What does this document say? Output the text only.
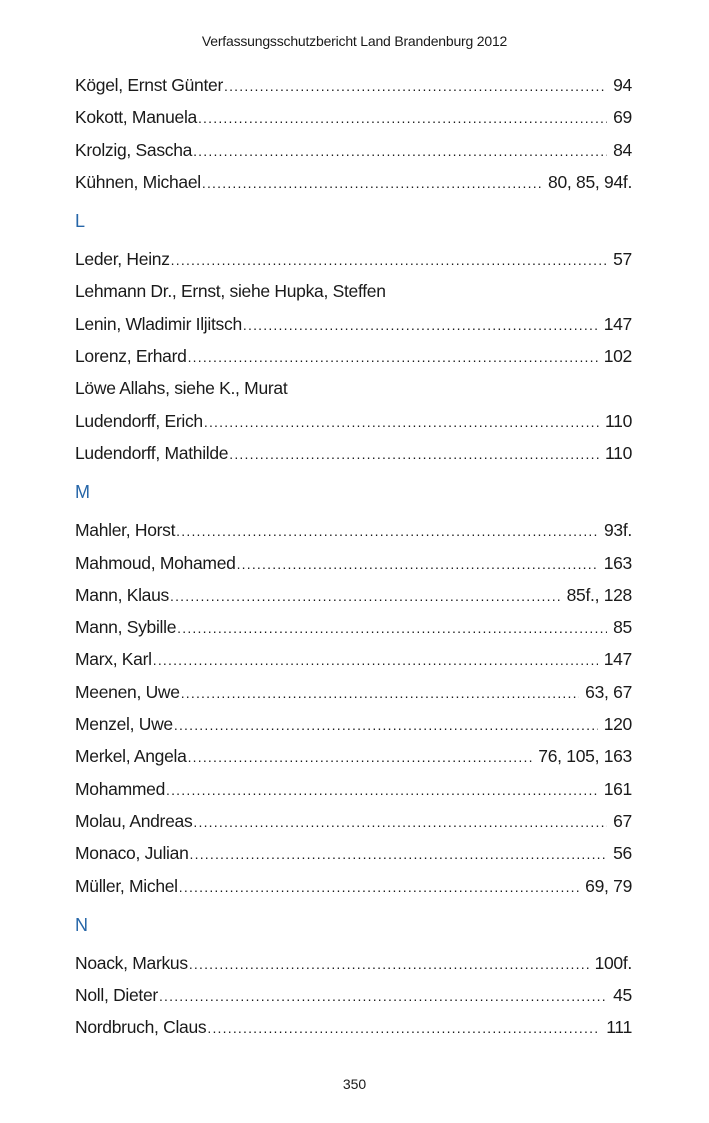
Verfassungsschutzbericht Land Brandenburg 2012
Kögel, Ernst Günter .....	94
Kokott, Manuela .....	69
Krolzig, Sascha .....	84
Kühnen, Michael .....	80, 85, 94f.
L
Leder, Heinz .....	57
Lehmann Dr., Ernst, siehe Hupka, Steffen
Lenin, Wladimir Iljitsch .....	147
Lorenz, Erhard .....	102
Löwe Allahs, siehe K., Murat
Ludendorff, Erich .....	110
Ludendorff, Mathilde .....	110
M
Mahler, Horst .....	93f.
Mahmoud, Mohamed .....	163
Mann, Klaus .....	85f., 128
Mann, Sybille .....	85
Marx, Karl .....	147
Meenen, Uwe .....	63, 67
Menzel, Uwe .....	120
Merkel, Angela .....	76, 105, 163
Mohammed .....	161
Molau, Andreas .....	67
Monaco, Julian .....	56
Müller, Michel .....	69, 79
N
Noack, Markus .....	100f.
Noll, Dieter .....	45
Nordbruch, Claus .....	111
350
